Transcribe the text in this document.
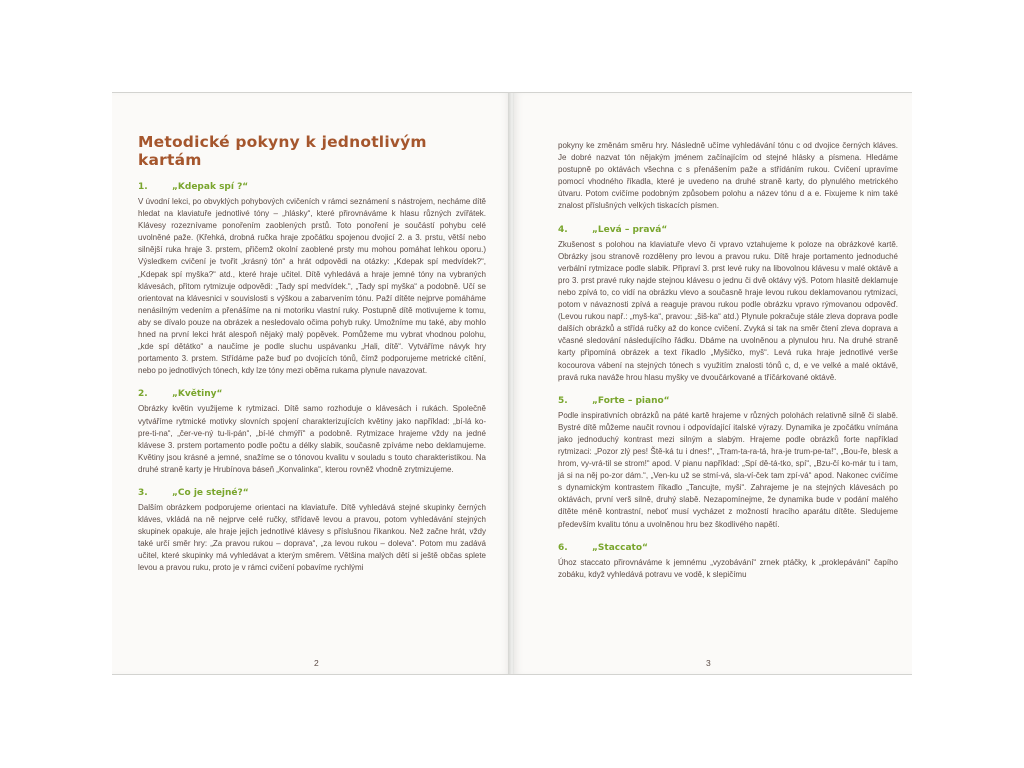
Metodické pokyny k jednotlivým kartám
1.	„Kdepak spí ?“

V úvodní lekci, po obvyklých pohybových cvičeních v rámci seznámení s nástrojem, necháme dítě hledat na klaviatuře jednotlivé tóny – „hlásky“, které přirovnáváme k hlasu různých zvířátek. Klávesy rozeznívame ponořením zaoblených prstů. Toto ponoření je součástí pohybu celé uvolněné paže. (Křehká, drobná ručka hraje zpočátku spojenou dvojicí 2. a 3. prstu, větší nebo silnější ruka hraje 3. prstem, přičemž okolní zaoblené prsty mu mohou pomáhat lehkou oporu.) Výsledkem cvičení je tvořit „krásný tón“ a hrát odpovědi na otázky: „Kdepak spí medvídek?“, „Kdepak spí myška?“ atd., které hraje učitel. Dítě vyhledává a hraje jemné tóny na vybraných klávesách, přitom rytmizuje odpovědi: „Tady spí medvídek.“, „Tady spí myška“ a podobně. Učí se orientovat na klávesnici v souvislosti s výškou a zabarvením tónu. Paží dítěte nejprve pomáháme nenásilným vedením a přenášíme na ni motoriku vlastní ruky. Postupně dítě motivujeme k tomu, aby se dívalo pouze na obrázek a nesledovalo očima pohyb ruky. Umožníme mu také, aby mohlo hned na první lekci hrát alespoň nějaký malý popěvek. Pomůžeme mu vybrat vhodnou polohu, „kde spí dětátko“ a naučíme je podle sluchu uspávanku „Hali, dítě“. Vytváříme návyk hry portamento 3. prstem. Střídáme paže buď po dvojicích tónů, čímž podporujeme metrické cítění, nebo po jednotlivých tónech, kdy lze tóny mezi oběma rukama plynule navazovat.

2.	„Květiny“

Obrázky květin využijeme k rytmizaci. Dítě samo rozhoduje o klávesách i rukách. Společně vytváříme rytmické motivky slovních spojení charakterizujících květiny jako například: „bí-lá ko-pre-ti-na“, „čer-ve-ný tu-li-pán“, „bí-lé chmýří“ a podobně. Rytmizace hrajeme vždy na jedné klávese 3. prstem portamento podle počtu a délky slabik, současně zpíváme nebo deklamujeme. Květiny jsou krásné a jemné, snažíme se o tónovou kvalitu v souladu s touto charakteristikou. Na druhé straně karty je Hrubínova báseň „Konvalinka“, kterou rovněž vhodně zrytmizujeme.

3.	„Co je stejné?“

Dalším obrázkem podporujeme orientaci na klaviatuře. Dítě vyhledává stejné skupinky černých kláves, vkládá na ně nejprve celé ručky, střídavě levou a pravou, potom vyhledávání stejných skupinek opakuje, ale hraje jejich jednotlivé klávesy s příslušnou říkankou. Než začne hrát, vždy také určí směr hry: „Za pravou rukou – doprava“, „za levou rukou – doleva“. Potom mu zadává učitel, které skupinky má vyhledávat a kterým směrem. Většina malých dětí si ještě občas splete levou a pravou ruku, proto je v rámci cvičení pobavíme rychlými

2

pokyny ke změnám směru hry. Následně učíme vyhledávání tónu c od dvojice černých kláves. Je dobré nazvat tón nějakým jménem začínajícím od stejné hlásky a písmena. Hledáme postupně po oktávách všechna c s přenášením paže a střídáním rukou. Cvičení upravíme pomocí vhodného říkadla, které je uvedeno na druhé straně karty, do plynulého metrického útvaru. Potom cvičíme podobným způsobem polohu a název tónu d a e. Fixujeme k nim také znalost příslušných velkých tiskacích písmen.

4.	„Levá – pravá“

Zkušenost s polohou na klaviatuře vlevo či vpravo vztahujeme k poloze na obrázkové kartě. Obrázky jsou stranově rozděleny pro levou a pravou ruku. Dítě hraje portamento jednoduché verbální rytmizace podle slabik. Připraví 3. prst levé ruky na libovolnou klávesu v malé oktávě a pro 3. prst pravé ruky najde stejnou klávesu o jednu či dvě oktávy výš. Potom hlasitě deklamuje nebo zpívá to, co vidí na obrázku vlevo a současně hraje levou rukou deklamovanou rytmizaci, potom v návaznosti zpívá a reaguje pravou rukou podle obrázku vpravo rýmovanou odpověď. (Levou rukou např.: „myš-ka“, pravou: „šiš-ka“ atd.) Plynule pokračuje stále zleva doprava podle dalších obrázků a střídá ručky až do konce cvičení. Zvyká si tak na směr čtení zleva doprava a včasné sledování následujícího řádku. Dbáme na uvolněnou a plynulou hru. Na druhé straně karty připomíná obrázek a text říkadlo „Myšičko, myš“. Levá ruka hraje jednotlivé verše kocourova vábení na stejných tónech s využitím znalosti tónů c, d, e ve velké a malé oktávě, pravá ruka naváže hrou hlasu myšky ve dvoučárkované a tříčárkované oktávě.

5.	„Forte – piano“

Podle inspirativních obrázků na páté kartě hrajeme v různých polohách relativně silně či slabě. Bystré dítě můžeme naučit rovnou i odpovídající italské výrazy. Dynamika je zpočátku vnímána jako jednoduchý kontrast mezi silným a slabým. Hrajeme podle obrázků forte například rytmizaci: „Pozor zlý pes! Ště-ká tu i dnes!“, „Tram-ta-ra-tá, hra-je trum-pe-ta!“, „Bou-ře, blesk a hrom, vy-vrá-til se strom!“ apod. V pianu například: „Spí dě-tá-tko, spí“, „Bzu-čí ko-már tu i tam, já si na něj po-zor dám.“, „Ven-ku už se stmí-vá, sla-ví-ček tam zpí-vá“ apod. Nakonec cvičíme s dynamickým kontrastem říkadlo „Tancujte, myši“. Zahrajeme je na stejných klávesách po oktávách, první verš silně, druhý slabě. Nezapomínejme, že dynamika bude v podání malého dítěte méně kontrastní, neboť musí vycházet z možností hracího aparátu dítěte. Sledujeme především kvalitu tónu a uvolněnou hru bez škodlivého napětí.

6.	„Staccato“

Úhoz staccato přirovnáváme k jemnému „vyzobávání“ zrnek ptáčky, k „proklepávání“ čapího zobáku, když vyhledává potravu ve vodě, k slepičímu

3
